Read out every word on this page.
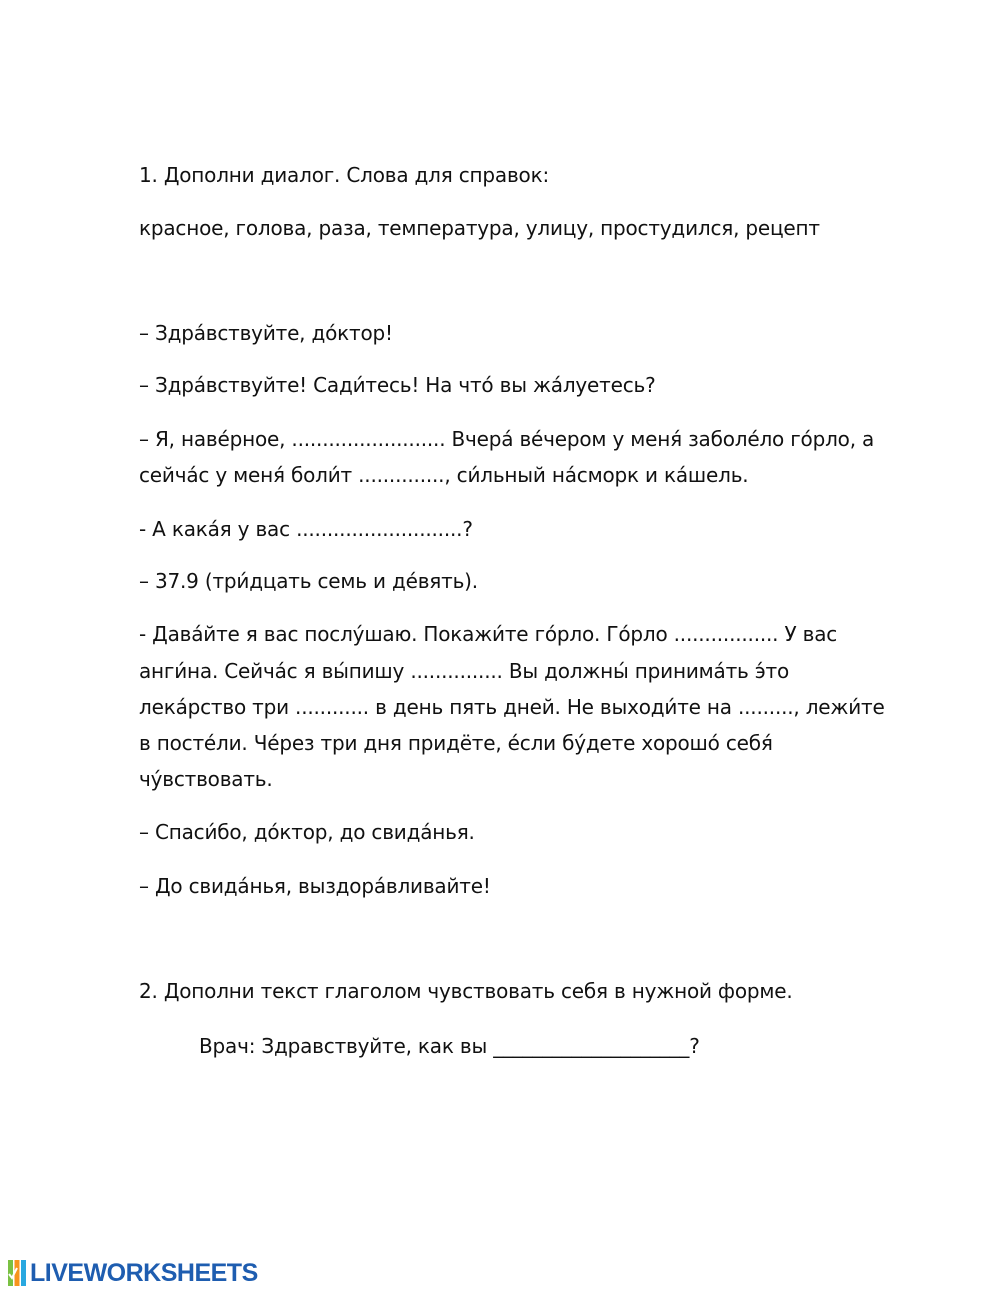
1. Дополни диалог. Слова для справок:
красное, голова, раза, температура, улицу, простудился, рецепт
– Здра́вствуйте, до́ктор!
– Здра́вствуйте! Сади́тесь! На что́ вы жа́луетесь?
– Я, наве́рное, ......................... Вчера́ ве́чером у меня́ заболе́ло го́рло, а
сейча́с у меня́ боли́т .............., си́льный на́сморк и ка́шель.
- А кака́я у вас ...........................?
– 37.9 (три́дцать семь и де́вять).
- Дава́йте я вас послу́шаю. Покажи́те го́рло. Го́рло ................. У вас
анги́на. Сейча́с я вы́пишу ............... Вы должны́ принима́ть э́то
лека́рство три ............ в день пять дней. Не выходи́те на ........., лежи́те
в посте́ли. Че́рез три дня придёте, е́сли бу́дете хорошо́ себя́
чу́вствовать.
– Спаси́бо, до́ктор, до свида́нья.
– До свида́нья, выздора́вливайте!
2. Дополни текст глаголом чувствовать себя в нужной форме.
Врач: Здравствуйте, как вы ____________________?
LIVEWORKSHEETS
